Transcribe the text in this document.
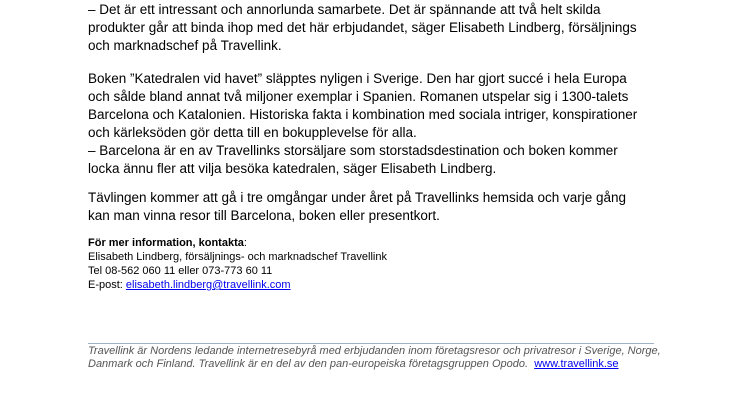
– Det är ett intressant och annorlunda samarbete. Det är spännande att två helt skilda
produkter går att binda ihop med det här erbjudandet, säger Elisabeth Lindberg, försäljnings
och marknadschef på Travellink.

Boken ”Katedralen vid havet” släpptes nyligen i Sverige. Den har gjort succé i hela Europa
och sålde bland annat två miljoner exemplar i Spanien. Romanen utspelar sig i 1300-talets
Barcelona och Katalonien. Historiska fakta i kombination med sociala intriger, konspirationer
och kärleksöden gör detta till en bokupplevelse för alla.

– Barcelona är en av Travellinks storsäljare som storstadsdestination och boken kommer
locka ännu fler att vilja besöka katedralen, säger Elisabeth Lindberg.

Tävlingen kommer att gå i tre omgångar under året på Travellinks hemsida och varje gång
kan man vinna resor till Barcelona, boken eller presentkort.

För mer information, kontakta:
Elisabeth Lindberg, försäljnings- och marknadschef Travellink
Tel 08-562 060 11 eller 073-773 60 11
E-post: elisabeth.lindberg@travellink.com
Travellink är Nordens ledande internetresebyrå med erbjudanden inom företagsresor och privatresor i Sverige, Norge, Danmark och Finland. Travellink är en del av den pan-europeiska företagsgruppen Opodo. www.travellink.se
